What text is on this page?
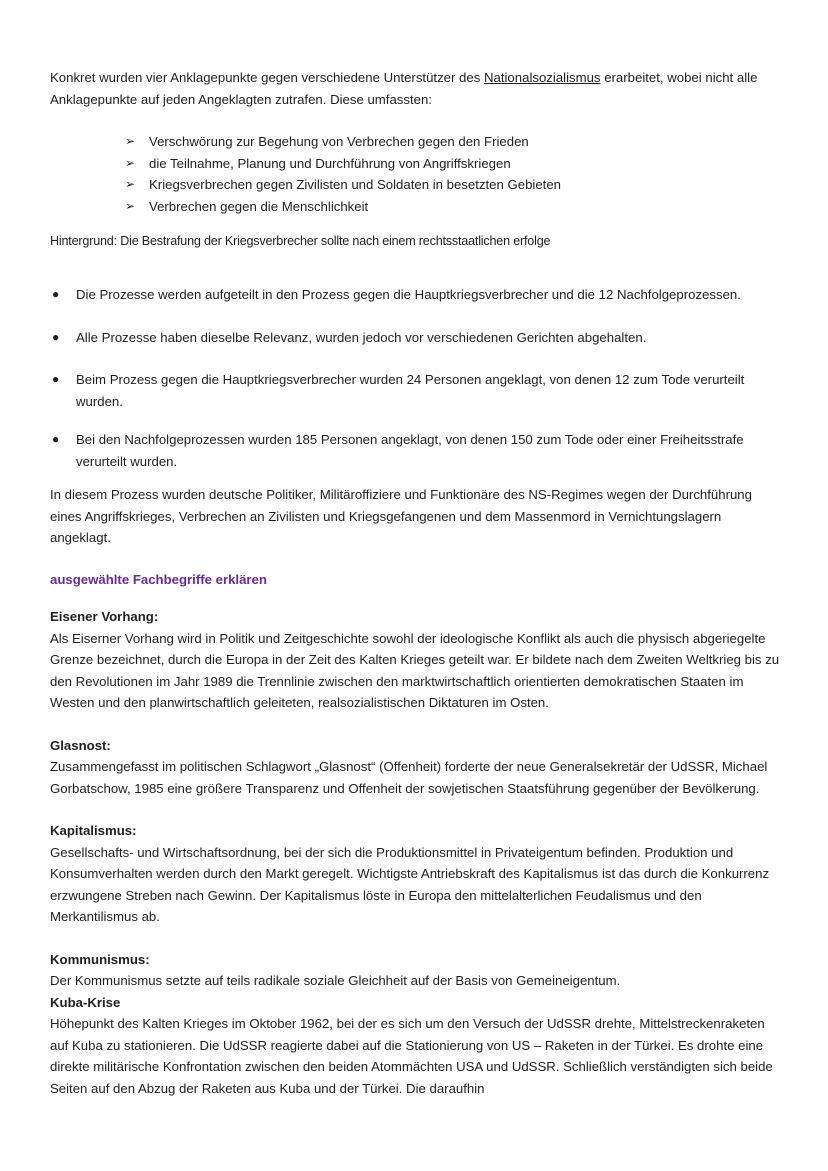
Konkret wurden vier Anklagepunkte gegen verschiedene Unterstützer des Nationalsozialismus erarbeitet, wobei nicht alle Anklagepunkte auf jeden Angeklagten zutrafen. Diese umfassten:

➢ Verschwörung zur Begehung von Verbrechen gegen den Frieden
➢ die Teilnahme, Planung und Durchführung von Angriffskriegen
➢ Kriegsverbrechen gegen Zivilisten und Soldaten in besetzten Gebieten
➢ Verbrechen gegen die Menschlichkeit

Hintergrund: Die Bestrafung der Kriegsverbrecher sollte nach einem rechtsstaatlichen erfolge

● Die Prozesse werden aufgeteilt in den Prozess gegen die Hauptkriegsverbrecher und die 12 Nachfolgeprozessen.
● Alle Prozesse haben dieselbe Relevanz, wurden jedoch vor verschiedenen Gerichten abgehalten.
● Beim Prozess gegen die Hauptkriegsverbrecher wurden 24 Personen angeklagt, von denen 12 zum Tode verurteilt wurden.
● Bei den Nachfolgeprozessen wurden 185 Personen angeklagt, von denen 150 zum Tode oder einer Freiheitsstrafe verurteilt wurden.

In diesem Prozess wurden deutsche Politiker, Militäroffiziere und Funktionäre des NS-Regimes wegen der Durchführung eines Angriffskrieges, Verbrechen an Zivilisten und Kriegsgefangenen und dem Massenmord in Vernichtungslagern angeklagt.

ausgewählte Fachbegriffe erklären

Eisener Vorhang:

Als Eiserner Vorhang wird in Politik und Zeitgeschichte sowohl der ideologische Konflikt als auch die physisch abgeriegelte Grenze bezeichnet, durch die Europa in der Zeit des Kalten Krieges geteilt war. Er bildete nach dem Zweiten Weltkrieg bis zu den Revolutionen im Jahr 1989 die Trennlinie zwischen den marktwirtschaftlich orientierten demokratischen Staaten im Westen und den planwirtschaftlich geleiteten, realsozialistischen Diktaturen im Osten.

Glasnost:

Zusammengefasst im politischen Schlagwort „Glasnost“ (Offenheit) forderte der neue Generalsekretär der UdSSR, Michael Gorbatschow, 1985 eine größere Transparenz und Offenheit der sowjetischen Staatsführung gegenüber der Bevölkerung.

Kapitalismus:

Gesellschafts- und Wirtschaftsordnung, bei der sich die Produktionsmittel in Privateigentum befinden. Produktion und Konsumverhalten werden durch den Markt geregelt. Wichtigste Antriebskraft des Kapitalismus ist das durch die Konkurrenz erzwungene Streben nach Gewinn. Der Kapitalismus löste in Europa den mittelalterlichen Feudalismus und den Merkantilismus ab.

Kommunismus:

Der Kommunismus setzte auf teils radikale soziale Gleichheit auf der Basis von Gemeineigentum.

Kuba-Krise

Höhepunkt des Kalten Krieges im Oktober 1962, bei der es sich um den Versuch der UdSSR drehte, Mittelstreckenraketen auf Kuba zu stationieren. Die UdSSR reagierte dabei auf die Stationierung von US – Raketen in der Türkei. Es drohte eine direkte militärische Konfrontation zwischen den beiden Atommächten USA und UdSSR. Schließlich verständigten sich beide Seiten auf den Abzug der Raketen aus Kuba und der Türkei. Die daraufhin
